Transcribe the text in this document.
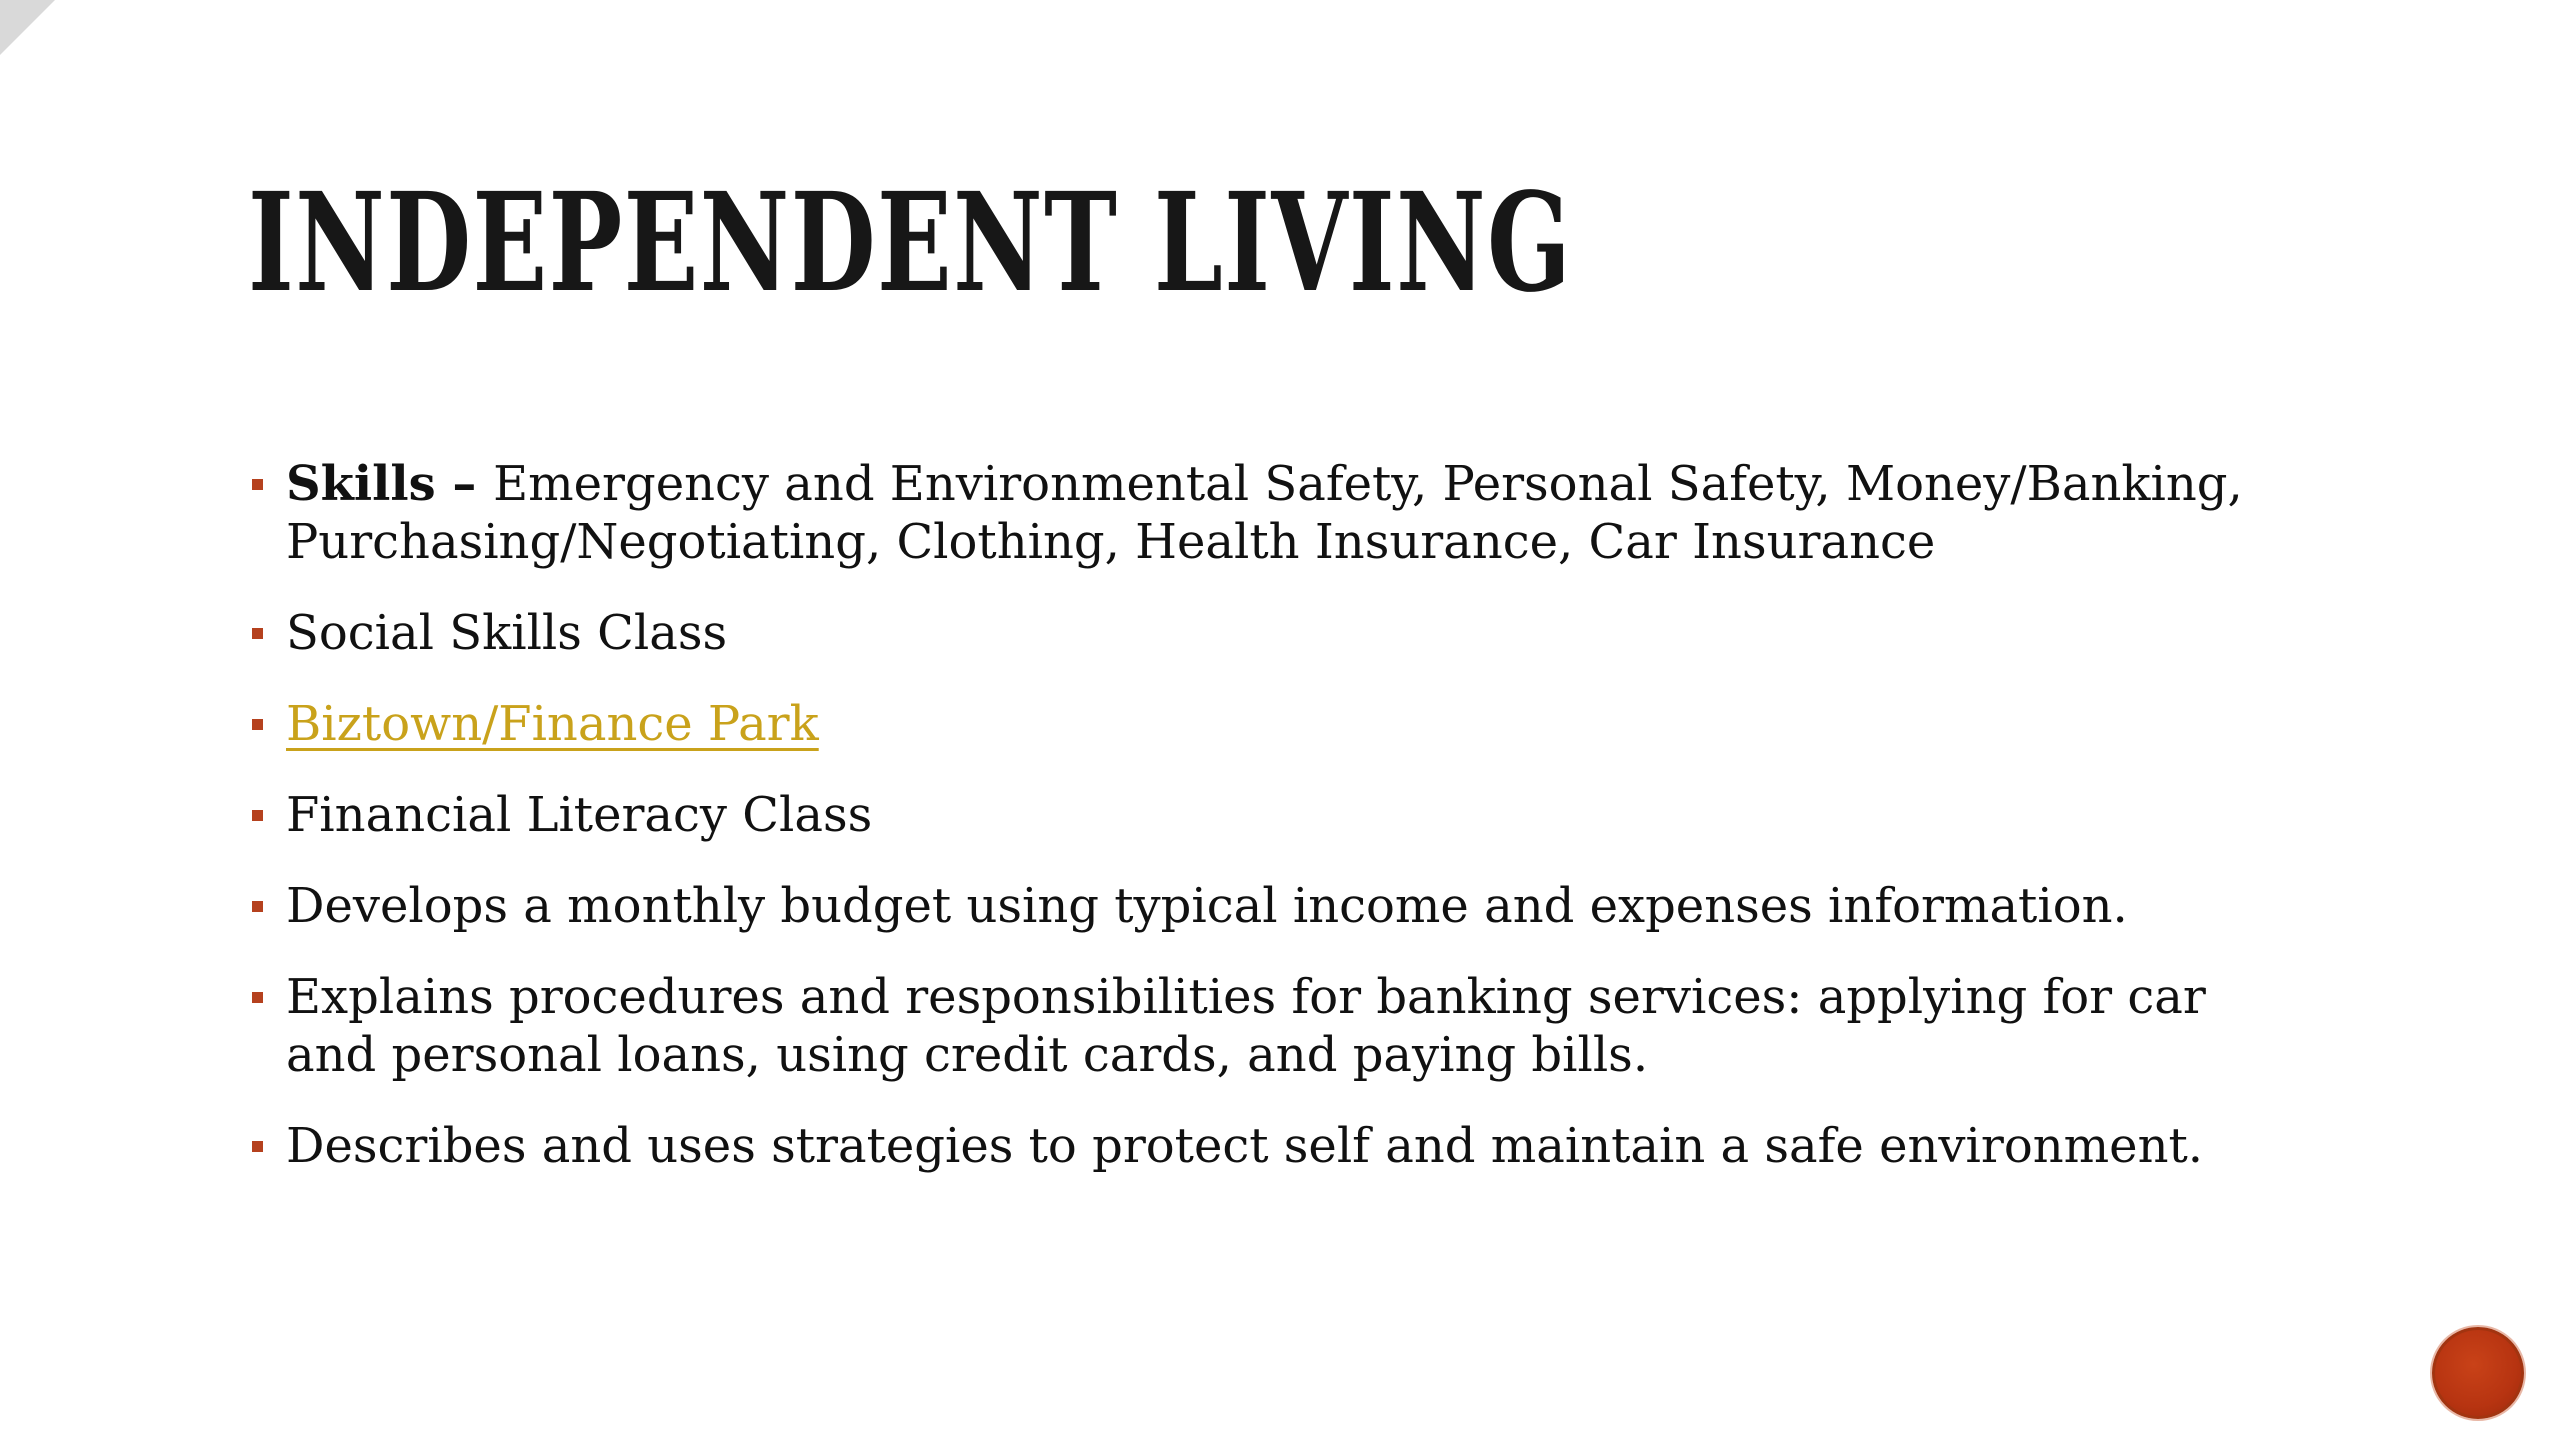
INDEPENDENT LIVING
Skills – Emergency and Environmental Safety, Personal Safety, Money/Banking, Purchasing/Negotiating, Clothing, Health Insurance, Car Insurance
Social Skills Class
Biztown/Finance Park
Financial Literacy Class
Develops a monthly budget using typical income and expenses information.
Explains procedures and responsibilities for banking services: applying for car and personal loans, using credit cards, and paying bills.
Describes and uses strategies to protect self and maintain a safe environment.
